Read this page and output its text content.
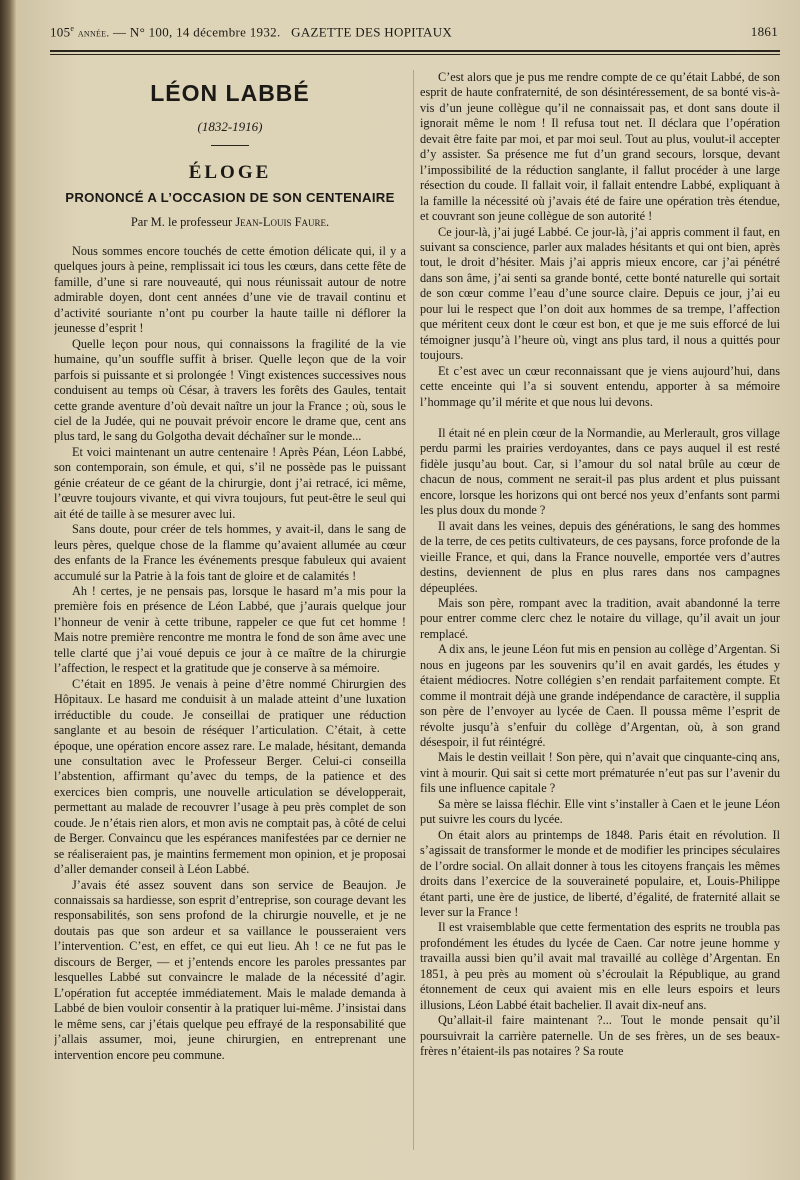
105e année. — N° 100, 14 décembre 1932. GAZETTE DES HOPITAUX	1861
LÉON LABBÉ
(1832-1916)
ÉLOGE
PRONONCÉ A L’OCCASION DE SON CENTENAIRE
Par M. le professeur Jean-Louis Faure.

Nous sommes encore touchés de cette émotion délicate qui, il y a quelques jours à peine, remplissait ici tous les cœurs, dans cette fête de famille, d’une si rare nouveauté, qui nous réunissait autour de notre admirable doyen, dont cent années d’une vie de travail continu et d’activité souriante n’ont pu courber la haute taille ni déflorer la jeunesse d’esprit !

Quelle leçon pour nous, qui connaissons la fragilité de la vie humaine, qu’un souffle suffit à briser. Quelle leçon que de la voir parfois si puissante et si prolongée ! Vingt existences successives nous conduisent au temps où César, à travers les forêts des Gaules, tentait cette grande aventure d’où devait naître un jour la France ; où, sous le ciel de la Judée, qui ne pouvait prévoir encore le drame que, cent ans plus tard, le sang du Golgotha devait déchaîner sur le monde...

Et voici maintenant un autre centenaire ! Après Péan, Léon Labbé, son contemporain, son émule, et qui, s’il ne possède pas le puissant génie créateur de ce géant de la chirurgie, dont j’ai retracé, ici même, l’œuvre toujours vivante, et qui vivra toujours, fut peut-être le seul qui ait été de taille à se mesurer avec lui.

Sans doute, pour créer de tels hommes, y avait-il, dans le sang de leurs pères, quelque chose de la flamme qu’avaient allumée au cœur des enfants de la France les événements presque fabuleux qui avaient accumulé sur la Patrie à la fois tant de gloire et de calamités !

Ah ! certes, je ne pensais pas, lorsque le hasard m’a mis pour la première fois en présence de Léon Labbé, que j’aurais quelque jour l’honneur de venir à cette tribune, rappeler ce que fut cet homme ! Mais notre première rencontre me montra le fond de son âme avec une telle clarté que j’ai voué depuis ce jour à ce maître de la chirurgie l’affection, le respect et la gratitude que je conserve à sa mémoire.

C’était en 1895. Je venais à peine d’être nommé Chirurgien des Hôpitaux. Le hasard me conduisit à un malade atteint d’une luxation irréductible du coude. Je conseillai de pratiquer une réduction sanglante et au besoin de réséquer l’articulation. C’était, à cette époque, une opération encore assez rare. Le malade, hésitant, demanda une consultation avec le Professeur Berger. Celui-ci conseilla l’abstention, affirmant qu’avec du temps, de la patience et des exercices bien compris, une nouvelle articulation se développerait, permettant au malade de recouvrer l’usage à peu près complet de son coude. Je n’étais rien alors, et mon avis ne comptait pas, à côté de celui de Berger. Convaincu que les espérances manifestées par ce dernier ne se réaliseraient pas, je maintins fermement mon opinion, et je proposai d’aller demander conseil à Léon Labbé.

J’avais été assez souvent dans son service de Beaujon. Je connaissais sa hardiesse, son esprit d’entreprise, son courage devant les responsabilités, son sens profond de la chirurgie nouvelle, et je ne doutais pas que son ardeur et sa vaillance le pousseraient vers l’intervention. C’est, en effet, ce qui eut lieu. Ah ! ce ne fut pas le discours de Berger, — et j’entends encore les paroles pressantes par lesquelles Labbé sut convaincre le malade de la nécessité d’agir. L’opération fut acceptée immédiatement. Mais le malade demanda à Labbé de bien vouloir consentir à la pratiquer lui-même. J’insistai dans le même sens, car j’étais quelque peu effrayé de la responsabilité que j’allais assumer, moi, jeune chirurgien, en entreprenant une intervention encore peu commune.

C’est alors que je pus me rendre compte de ce qu’était Labbé, de son esprit de haute confraternité, de son désintéressement, de sa bonté vis-à-vis d’un jeune collègue qu’il ne connaissait pas, et dont sans doute il ignorait même le nom ! Il refusa tout net. Il déclara que l’opération devait être faite par moi, et par moi seul. Tout au plus, voulut-il accepter d’y assister. Sa présence me fut d’un grand secours, lorsque, devant l’impossibilité de la réduction sanglante, il fallut procéder à une large résection du coude. Il fallait voir, il fallait entendre Labbé, expliquant à la famille la nécessité où j’avais été de faire une opération très étendue, et couvrant son jeune collègue de son autorité !

Ce jour-là, j’ai jugé Labbé. Ce jour-là, j’ai appris comment il faut, en suivant sa conscience, parler aux malades hésitants et qui ont bien, après tout, le droit d’hésiter. Mais j’ai appris mieux encore, car j’ai pénétré dans son âme, j’ai senti sa grande bonté, cette bonté naturelle qui sortait de son cœur comme l’eau d’une source claire. Depuis ce jour, j’ai eu pour lui le respect que l’on doit aux hommes de sa trempe, l’affection que méritent ceux dont le cœur est bon, et que je me suis efforcé de lui témoigner jusqu’à l’heure où, vingt ans plus tard, il nous a quittés pour toujours.

Et c’est avec un cœur reconnaissant que je viens aujourd’hui, dans cette enceinte qui l’a si souvent entendu, apporter à sa mémoire l’hommage qu’il mérite et que nous lui devons.

Il était né en plein cœur de la Normandie, au Merlerault, gros village perdu parmi les prairies verdoyantes, dans ce pays auquel il est resté fidèle jusqu’au bout. Car, si l’amour du sol natal brûle au cœur de chacun de nous, comment ne serait-il pas plus ardent et plus puissant encore, lorsque les horizons qui ont bercé nos yeux d’enfants sont parmi les plus doux du monde ?

Il avait dans les veines, depuis des générations, le sang des hommes de la terre, de ces petits cultivateurs, de ces paysans, force profonde de la vieille France, et qui, dans la France nouvelle, emportée vers d’autres destins, deviennent de plus en plus rares dans nos campagnes dépeuplées.

Mais son père, rompant avec la tradition, avait abandonné la terre pour entrer comme clerc chez le notaire du village, qu’il avait un jour remplacé.

A dix ans, le jeune Léon fut mis en pension au collège d’Argentan. Si nous en jugeons par les souvenirs qu’il en avait gardés, les études y étaient médiocres. Notre collégien s’en rendait parfaitement compte. Et comme il montrait déjà une grande indépendance de caractère, il supplia son père de l’envoyer au lycée de Caen. Il poussa même l’esprit de révolte jusqu’à s’enfuir du collège d’Argentan, où, à son grand désespoir, il fut réintégré.

Mais le destin veillait ! Son père, qui n’avait que cinquante-cinq ans, vint à mourir. Qui sait si cette mort prématurée n’eut pas sur l’avenir du fils une influence capitale ?

Sa mère se laissa fléchir. Elle vint s’installer à Caen et le jeune Léon put suivre les cours du lycée.

On était alors au printemps de 1848. Paris était en révolution. Il s’agissait de transformer le monde et de modifier les principes séculaires de l’ordre social. On allait donner à tous les citoyens français les mêmes droits dans l’exercice de la souveraineté populaire, et, Louis-Philippe étant parti, une ère de justice, de liberté, d’égalité, de fraternité allait se lever sur la France !

Il est vraisemblable que cette fermentation des esprits ne troubla pas profondément les études du lycée de Caen. Car notre jeune homme y travailla aussi bien qu’il avait mal travaillé au collège d’Argentan. En 1851, à peu près au moment où s’écroulait la République, au grand étonnement de ceux qui avaient mis en elle leurs espoirs et leurs illusions, Léon Labbé était bachelier. Il avait dix-neuf ans.

Qu’allait-il faire maintenant ?... Tout le monde pensait qu’il poursuivrait la carrière paternelle. Un de ses frères, un de ses beaux-frères n’étaient-ils pas notaires ? Sa route
